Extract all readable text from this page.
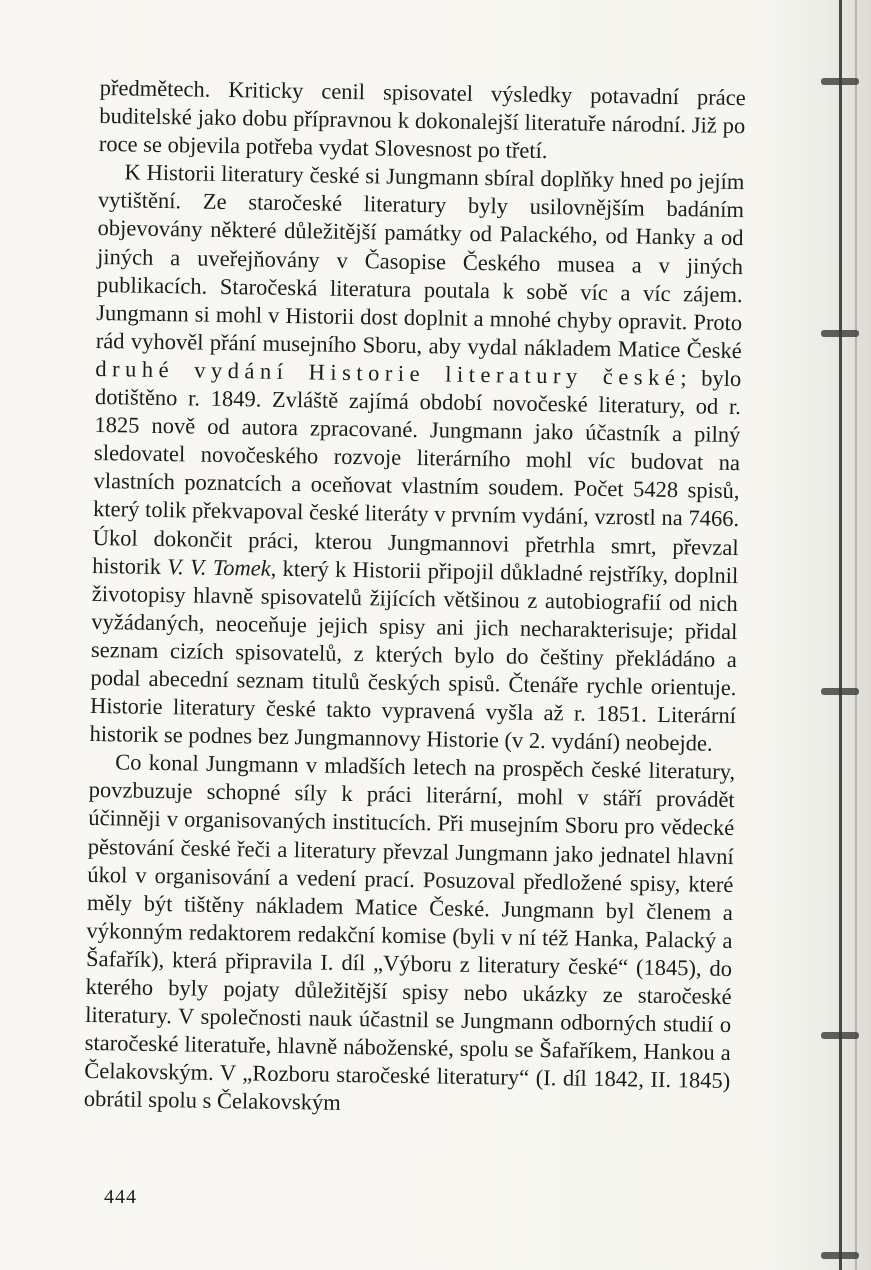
předmětech. Kriticky cenil spisovatel výsledky potavadní práce buditelské jako dobu přípravnou k dokonalejší literatuře národní. Již po roce se objevila potřeba vydat Slovesnost po třetí.

K Historii literatury české si Jungmann sbíral doplňky hned po jejím vytištění. Ze staročeské literatury byly usilovnějším badáním objevovány některé důležitější památky od Palackého, od Hanky a od jiných a uveřejňovány v Časopise Českého musea a v jiných publikacích. Staročeská literatura poutala k sobě víc a víc zájem. Jungmann si mohl v Historii dost doplnit a mnohé chyby opravit. Proto rád vyhověl přání musejního Sboru, aby vydal nákladem Matice České druhé vydání Historie literatury české; bylo dotištěno r. 1849. Zvláště zajímá období novočeské literatury, od r. 1825 nově od autora zpracované. Jungmann jako účastník a pilný sledovatel novočeského rozvoje literárního mohl víc budovat na vlastních poznatcích a oceňovat vlastním soudem. Počet 5428 spisů, který tolik překvapoval české literáty v prvním vydání, vzrostl na 7466. Úkol dokončit práci, kterou Jungmannovi přetrhla smrt, převzal historik V. V. Tomek, který k Historii připojil důkladné rejstříky, doplnil životopisy hlavně spisovatelů žijících většinou z autobiografií od nich vyžádaných, neoceňuje jejich spisy ani jich necharakterisuje; přidal seznam cizích spisovatelů, z kterých bylo do češtiny překládáno a podal abecední seznam titulů českých spisů. Čtenáře rychle orientuje. Historie literatury české takto vypravená vyšla až r. 1851. Literární historik se podnes bez Jungmannovy Historie (v 2. vydání) neobejde.

Co konal Jungmann v mladších letech na prospěch české literatury, povzbuzuje schopné síly k práci literární, mohl v stáří provádět účinněji v organisovaných institucích. Při musejním Sboru pro vědecké pěstování české řeči a literatury převzal Jungmann jako jednatel hlavní úkol v organisování a vedení prací. Posuzoval předložené spisy, které měly být tištěny nákladem Matice České. Jungmann byl členem a výkonným redaktorem redakční komise (byli v ní též Hanka, Palacký a Šafařík), která připravila I. díl „Výboru z literatury české“ (1845), do kterého byly pojaty důležitější spisy nebo ukázky ze staročeské literatury. V společnosti nauk účastnil se Jungmann odborných studií o staročeské literatuře, hlavně náboženské, spolu se Šafaříkem, Hankou a Čelakovským. V „Rozboru staročeské literatury“ (I. díl 1842, II. 1845) obrátil spolu s Čelakovským

444
